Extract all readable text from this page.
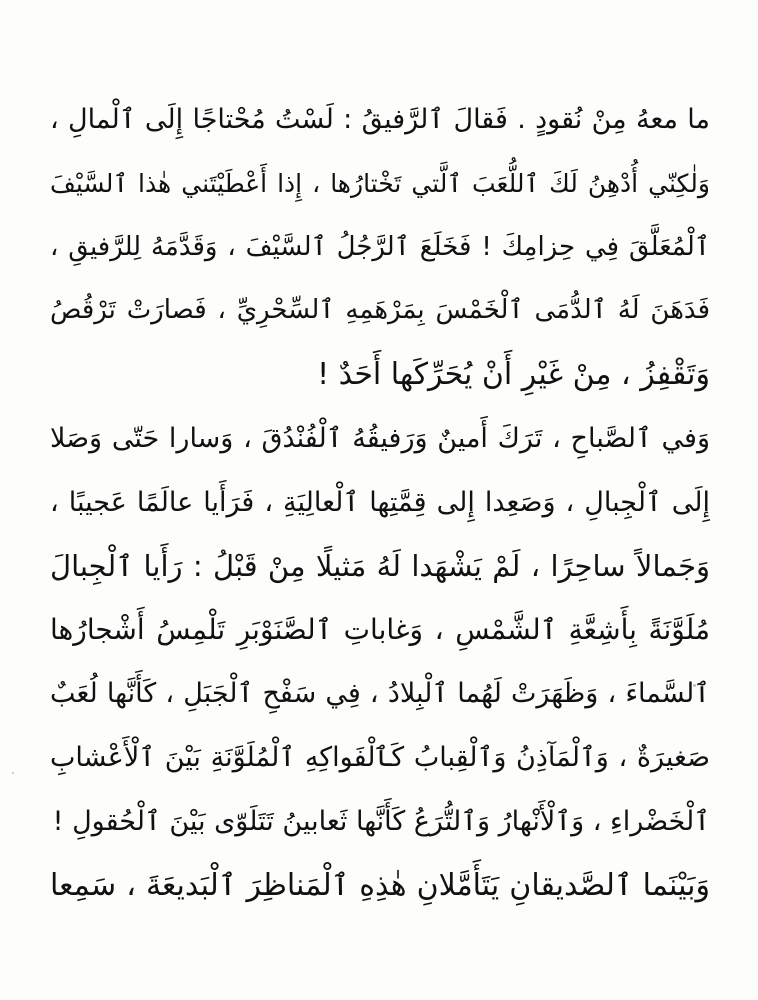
ما معهُ مِنْ نُقودٍ . فَقالَ ٱلرَّفيقُ : لَسْتُ مُحْتاجًا إِلَى ٱلْمالِ ،
وَلٰكِنّي أُدْهِنُ لَكَ ٱللُّعَبَ ٱلَّتي تَخْتارُها ، إِذا أَعْطَيْتَني هٰذا ٱلسَّيْفَ
ٱلْمُعَلَّقَ فِي حِزامِكَ ! فَخَلَعَ ٱلرَّجُلُ ٱلسَّيْفَ ، وَقَدَّمَهُ لِلرَّفيقِ ،
فَدَهَنَ لَهُ ٱلدُّمَى ٱلْخَمْسَ بِمَرْهَمِهِ ٱلسِّحْرِيِّ ، فَصارَتْ تَرْقُصُ
وَتَقْفِزُ ، مِنْ غَيْرِ أَنْ يُحَرِّكَها أَحَدٌ !
وَفي ٱلصَّباحِ ، تَرَكَ أَمينٌ وَرَفيقُهُ ٱلْفُنْدُقَ ، وَسارا حَتّى وَصَلا
إِلَى ٱلْجِبالِ ، وَصَعِدا إِلى قِمَّتِها ٱلْعالِيَةِ ، فَرَأَيا عالَمًا عَجيبًا ،
وَجَمالاً ساحِرًا ، لَمْ يَشْهَدا لَهُ مَثيلًا مِنْ قَبْلُ : رَأَيا ٱلْجِبالَ
مُلَوَّنَةً بِأَشِعَّةِ ٱلشَّمْسِ ، وَغاباتِ ٱلصَّنَوْبَرِ تَلْمِسُ أَشْجارُها
ٱلسَّماءَ ، وَظَهَرَتْ لَهُما ٱلْبِلادُ ، فِي سَفْحِ ٱلْجَبَلِ ، كَأَنَّها لُعَبٌ
صَغيرَةٌ ، وَٱلْمَآذِنُ وَٱلْقِبابُ كَٱلْفَواكِهِ ٱلْمُلَوَّنَةِ بَيْنَ ٱلْأَعْشابِ
ٱلْخَضْراءِ ، وَٱلْأَنْهارُ وَٱلتُّرَعُ كَأَنَّها ثَعابينُ تَتَلَوّى بَيْنَ ٱلْحُقولِ !
وَبَيْنَما ٱلصَّديقانِ يَتَأَمَّلانِ هٰذِهِ ٱلْمَناظِرَ ٱلْبَديعَةَ ، سَمِعا
